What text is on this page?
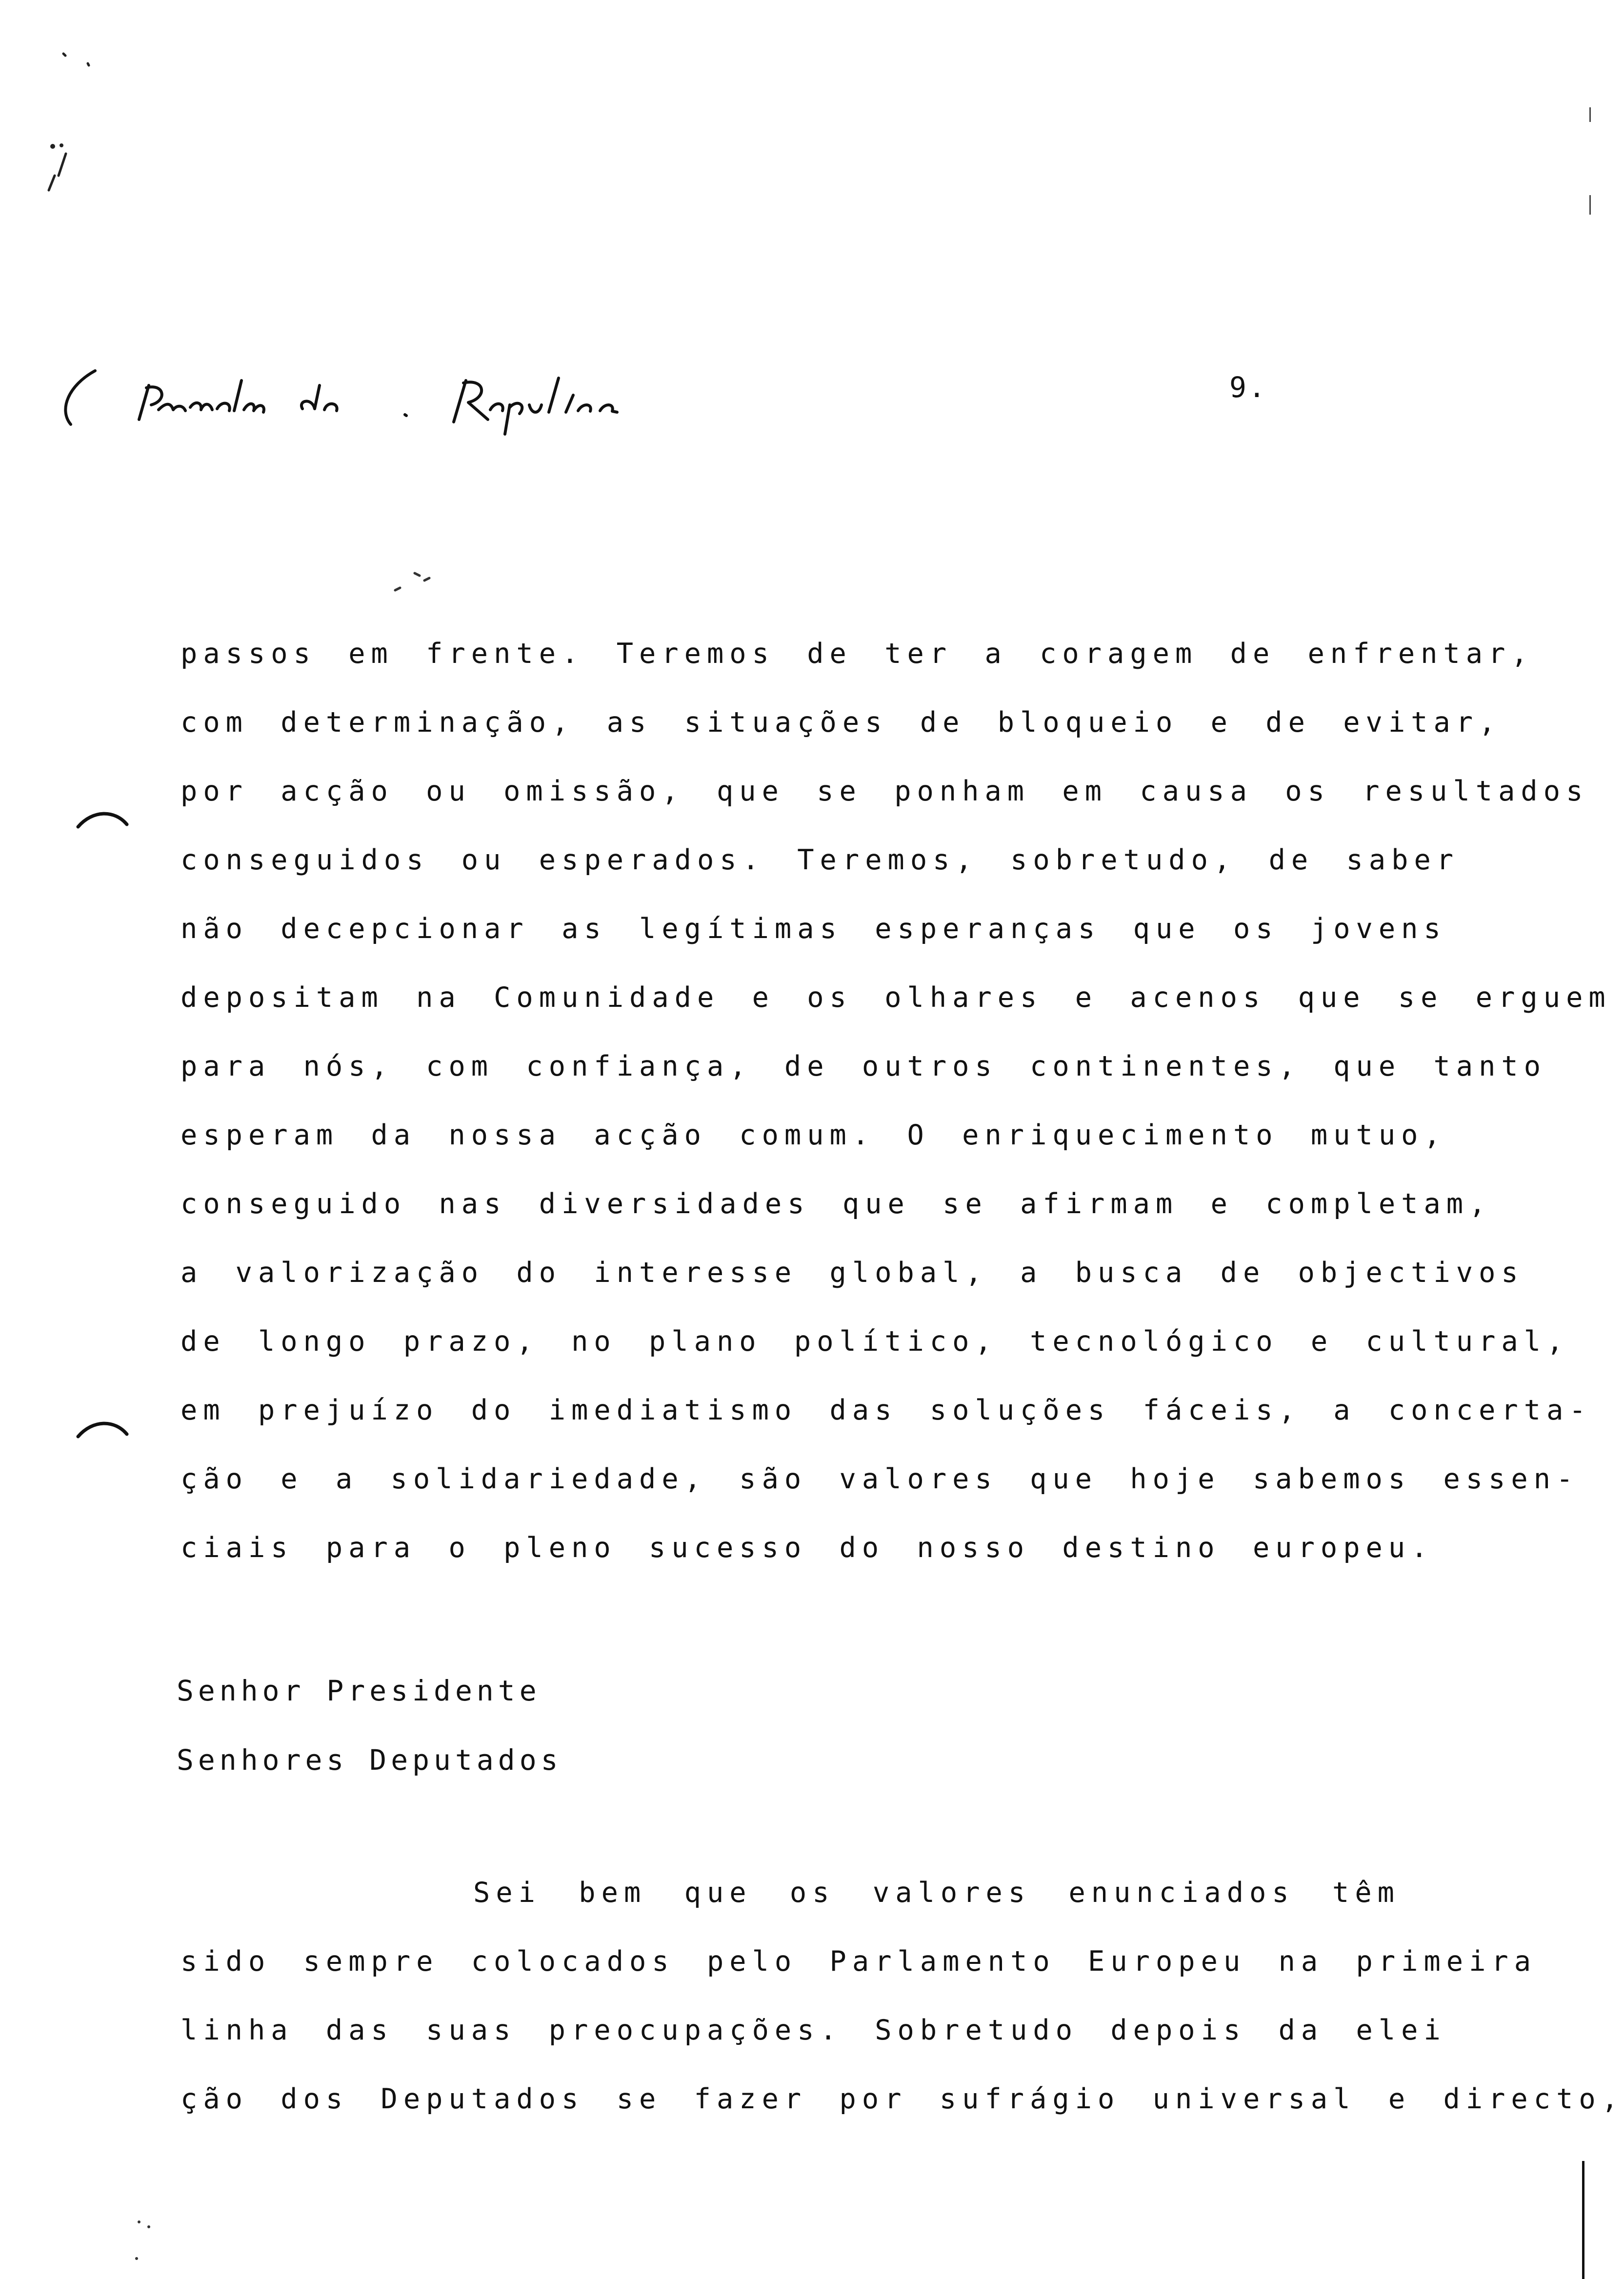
9.
passos em frente. Teremos de ter a coragem de enfrentar,
com determinação, as situações de bloqueio e de evitar,
por acção ou omissão, que se ponham em causa os resultados
conseguidos ou esperados. Teremos, sobretudo, de saber
não decepcionar as legítimas esperanças que os jovens
depositam na Comunidade e os olhares e acenos que se erguem
para nós, com confiança, de outros continentes, que tanto
esperam da nossa acção comum. O enriquecimento mutuo,
conseguido nas diversidades que se afirmam e completam,
a valorização do interesse global, a busca de objectivos
de longo prazo, no plano político, tecnológico e cultural,
em prejuízo do imediatismo das soluções fáceis, a concerta-
ção e a solidariedade, são valores que hoje sabemos essen-
ciais para o pleno sucesso do nosso destino europeu.
Senhor Presidente
Senhores Deputados
Sei bem que os valores enunciados têm
sido sempre colocados pelo Parlamento Europeu na primeira
linha das suas preocupações. Sobretudo depois da elei
ção dos Deputados se fazer por sufrágio universal e directo,
